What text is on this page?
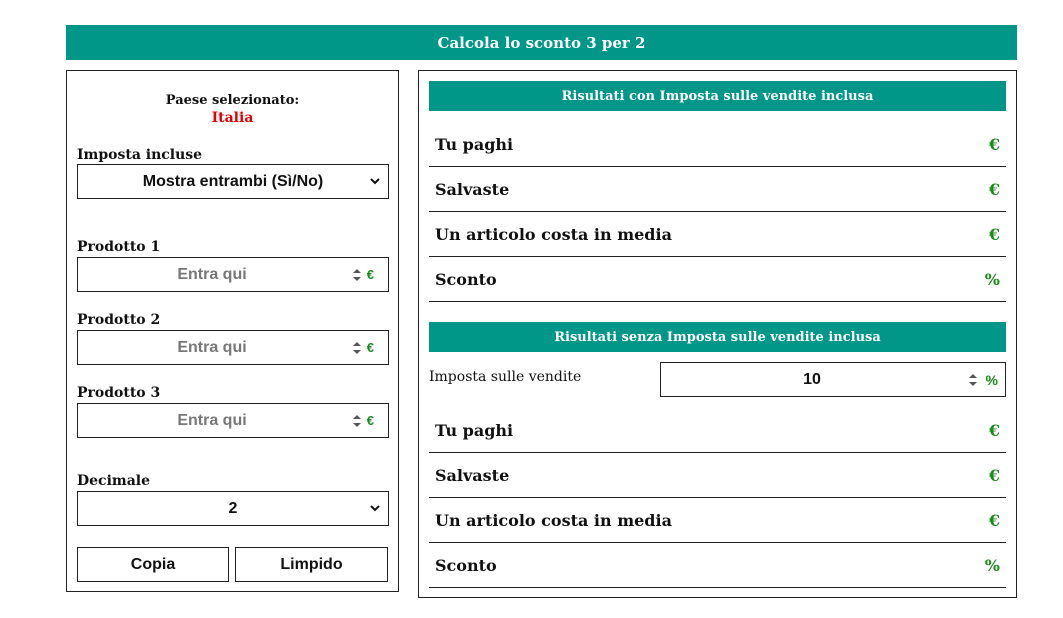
Calcola lo sconto 3 per 2
Paese selezionato:
Italia
Imposta incluse
Mostra entrambi (Sì/No)
Prodotto 1
Entra qui	€
Prodotto 2
Entra qui	€
Prodotto 3
Entra qui	€
Decimale
2
Copia	Limpido
Risultati con Imposta sulle vendite inclusa
Tu paghi	€
Salvaste	€
Un articolo costa in media	€
Sconto	%
Risultati senza Imposta sulle vendite inclusa
Imposta sulle vendite	10	%
Tu paghi	€
Salvaste	€
Un articolo costa in media	€
Sconto	%
